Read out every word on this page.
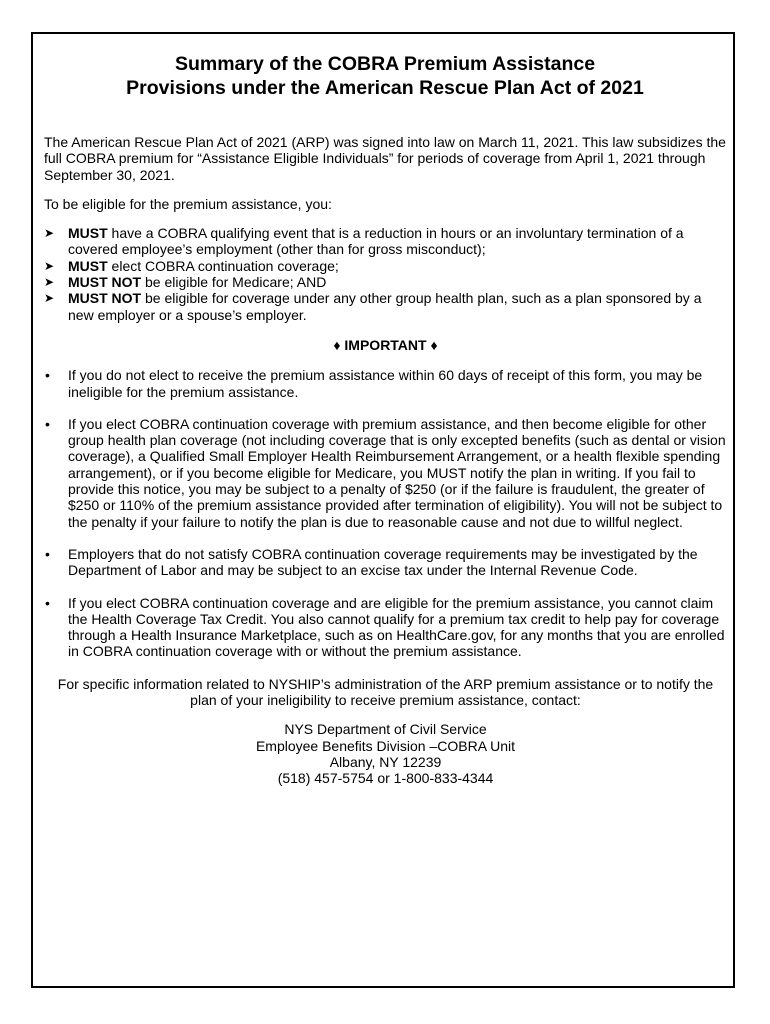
Summary of the COBRA Premium Assistance
Provisions under the American Rescue Plan Act of 2021

The American Rescue Plan Act of 2021 (ARP) was signed into law on March 11, 2021. This law subsidizes the full COBRA premium for “Assistance Eligible Individuals” for periods of coverage from April 1, 2021 through September 30, 2021.

To be eligible for the premium assistance, you:

➤ MUST have a COBRA qualifying event that is a reduction in hours or an involuntary termination of a covered employee’s employment (other than for gross misconduct);
➤ MUST elect COBRA continuation coverage;
➤ MUST NOT be eligible for Medicare; AND
➤ MUST NOT be eligible for coverage under any other group health plan, such as a plan sponsored by a new employer or a spouse’s employer.
♦ IMPORTANT ♦
• If you do not elect to receive the premium assistance within 60 days of receipt of this form, you may be ineligible for the premium assistance.
• If you elect COBRA continuation coverage with premium assistance, and then become eligible for other group health plan coverage (not including coverage that is only excepted benefits (such as dental or vision coverage), a Qualified Small Employer Health Reimbursement Arrangement, or a health flexible spending arrangement), or if you become eligible for Medicare, you MUST notify the plan in writing. If you fail to provide this notice, you may be subject to a penalty of $250 (or if the failure is fraudulent, the greater of $250 or 110% of the premium assistance provided after termination of eligibility). You will not be subject to the penalty if your failure to notify the plan is due to reasonable cause and not due to willful neglect.
• Employers that do not satisfy COBRA continuation coverage requirements may be investigated by the Department of Labor and may be subject to an excise tax under the Internal Revenue Code.
• If you elect COBRA continuation coverage and are eligible for the premium assistance, you cannot claim the Health Coverage Tax Credit. You also cannot qualify for a premium tax credit to help pay for coverage through a Health Insurance Marketplace, such as on HealthCare.gov, for any months that you are enrolled in COBRA continuation coverage with or without the premium assistance.

For specific information related to NYSHIP’s administration of the ARP premium assistance or to notify the plan of your ineligibility to receive premium assistance, contact:

NYS Department of Civil Service
Employee Benefits Division –COBRA Unit
Albany, NY 12239
(518) 457-5754 or 1-800-833-4344
